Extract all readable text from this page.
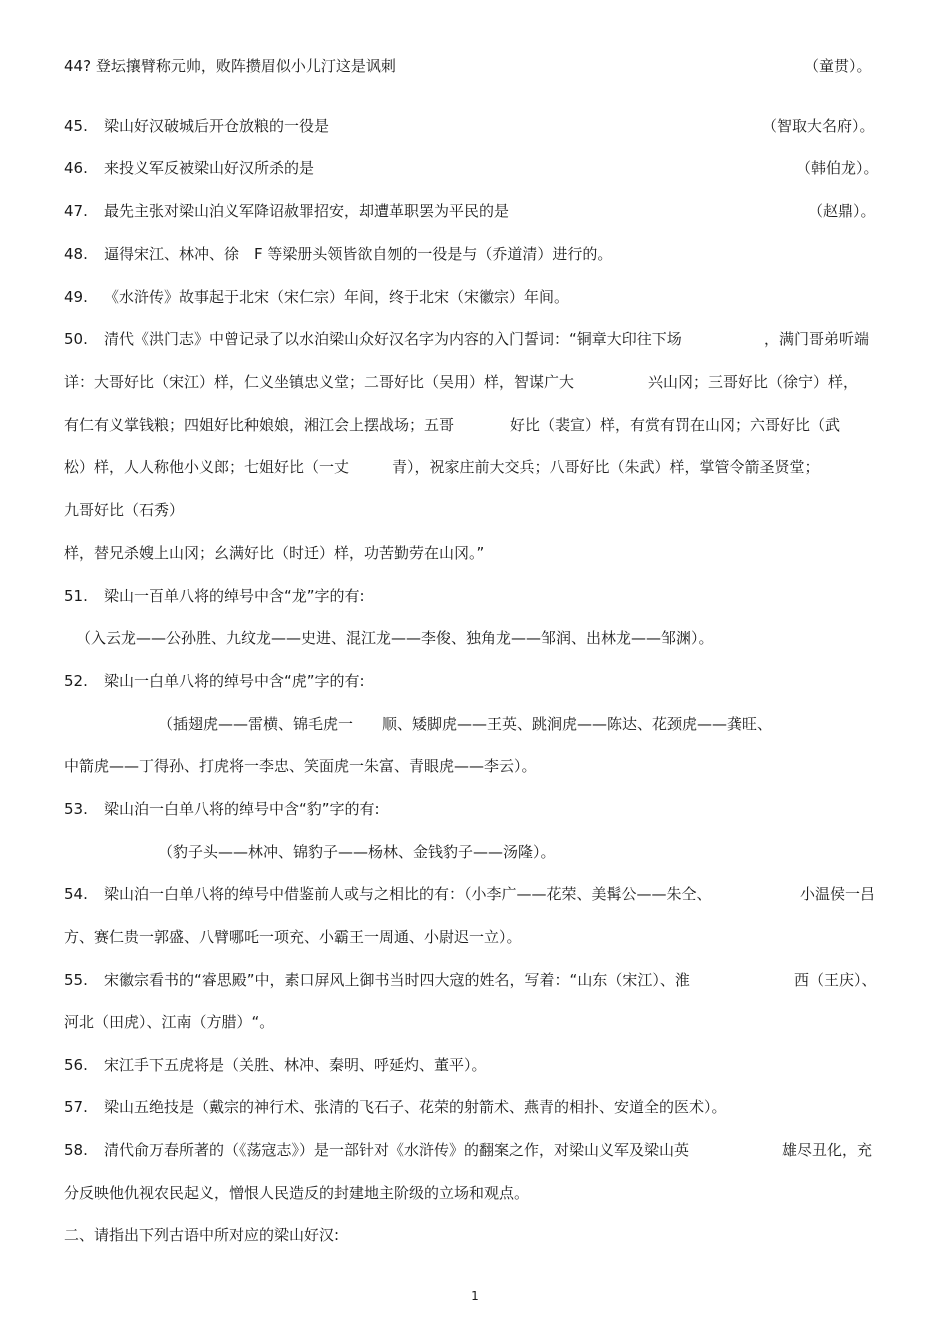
44? 登坛攘臂称元帅，败阵攒眉似小儿汀这是讽刺	（童贯）。
45. 梁山好汉破城后开仓放粮的一役是	（智取大名府）。
46. 来投义军反被梁山好汉所杀的是	（韩伯龙）。
47. 最先主张对梁山泊义军降诏赦罪招安，却遭革职罢为平民的是	（赵鼎）。
48. 逼得宋江、林冲、徐　F 等梁册头领皆欲自刎的一役是与（乔道清）进行的。
49. 《水浒传》故事起于北宋（宋仁宗）年间，终于北宋（宋徽宗）年间。
50. 清代《洪门志》中曾记录了以水泊梁山众好汉名字为内容的入门誓词：“铜章大印往下场	，满门哥弟听端
详：大哥好比（宋江）样，仁义坐镇忠义堂；二哥好比（吴用）样，智谋广大	兴山冈；三哥好比（徐宁）样，
有仁有义掌钱粮；四姐好比种娘娘，湘江会上摆战场；五哥	好比（裴宣）样，有赏有罚在山冈；六哥好比（武
松）样，人人称他小义郎；七姐好比（一丈	青），祝家庄前大交兵；八哥好比（朱武）样，掌管令箭圣贤堂；
九哥好比（石秀）
样，替兄杀嫂上山冈；幺满好比（时迁）样，功苦勤劳在山冈。”
51. 梁山一百单八将的绰号中含“龙”字的有:
（入云龙——公孙胜、九纹龙——史进、混江龙——李俊、独角龙——邹润、出林龙——邹渊）。
52. 梁山一白单八将的绰号中含“虎”字的有:
（插翅虎——雷横、锦毛虎一 顺、矮脚虎——王英、跳涧虎——陈达、花颈虎——龚旺、
中箭虎——丁得孙、打虎将一李忠、笑面虎一朱富、青眼虎——李云）。
53. 梁山泊一白单八将的绰号中含“豹”字的有:
（豹子头——林冲、锦豹子——杨林、金钱豹子——汤隆）。
54. 梁山泊一白单八将的绰号中借鉴前人或与之相比的有：（小李广——花荣、美髯公——朱仝、	小温侯一吕
方、赛仁贵一郭盛、八臂哪吒一项充、小霸王一周通、小尉迟一立）。
55. 宋徽宗看书的“睿思殿”中，素口屏风上御书当时四大寇的姓名，写着：“山东（宋江）、淮	西（王庆）、
河北（田虎）、江南（方腊）“。
56. 宋江手下五虎将是（关胜、林冲、秦明、呼延灼、董平）。
57. 梁山五绝技是（戴宗的神行术、张清的飞石子、花荣的射箭术、燕青的相扑、安道全的医术）。
58. 清代俞万春所著的（《荡寇志》）是一部针对《水浒传》的翻案之作，对梁山义军及梁山英	雄尽丑化，充
分反映他仇视农民起义，憎恨人民造反的封建地主阶级的立场和观点。
二、请指出下列古语中所对应的梁山好汉:
1
